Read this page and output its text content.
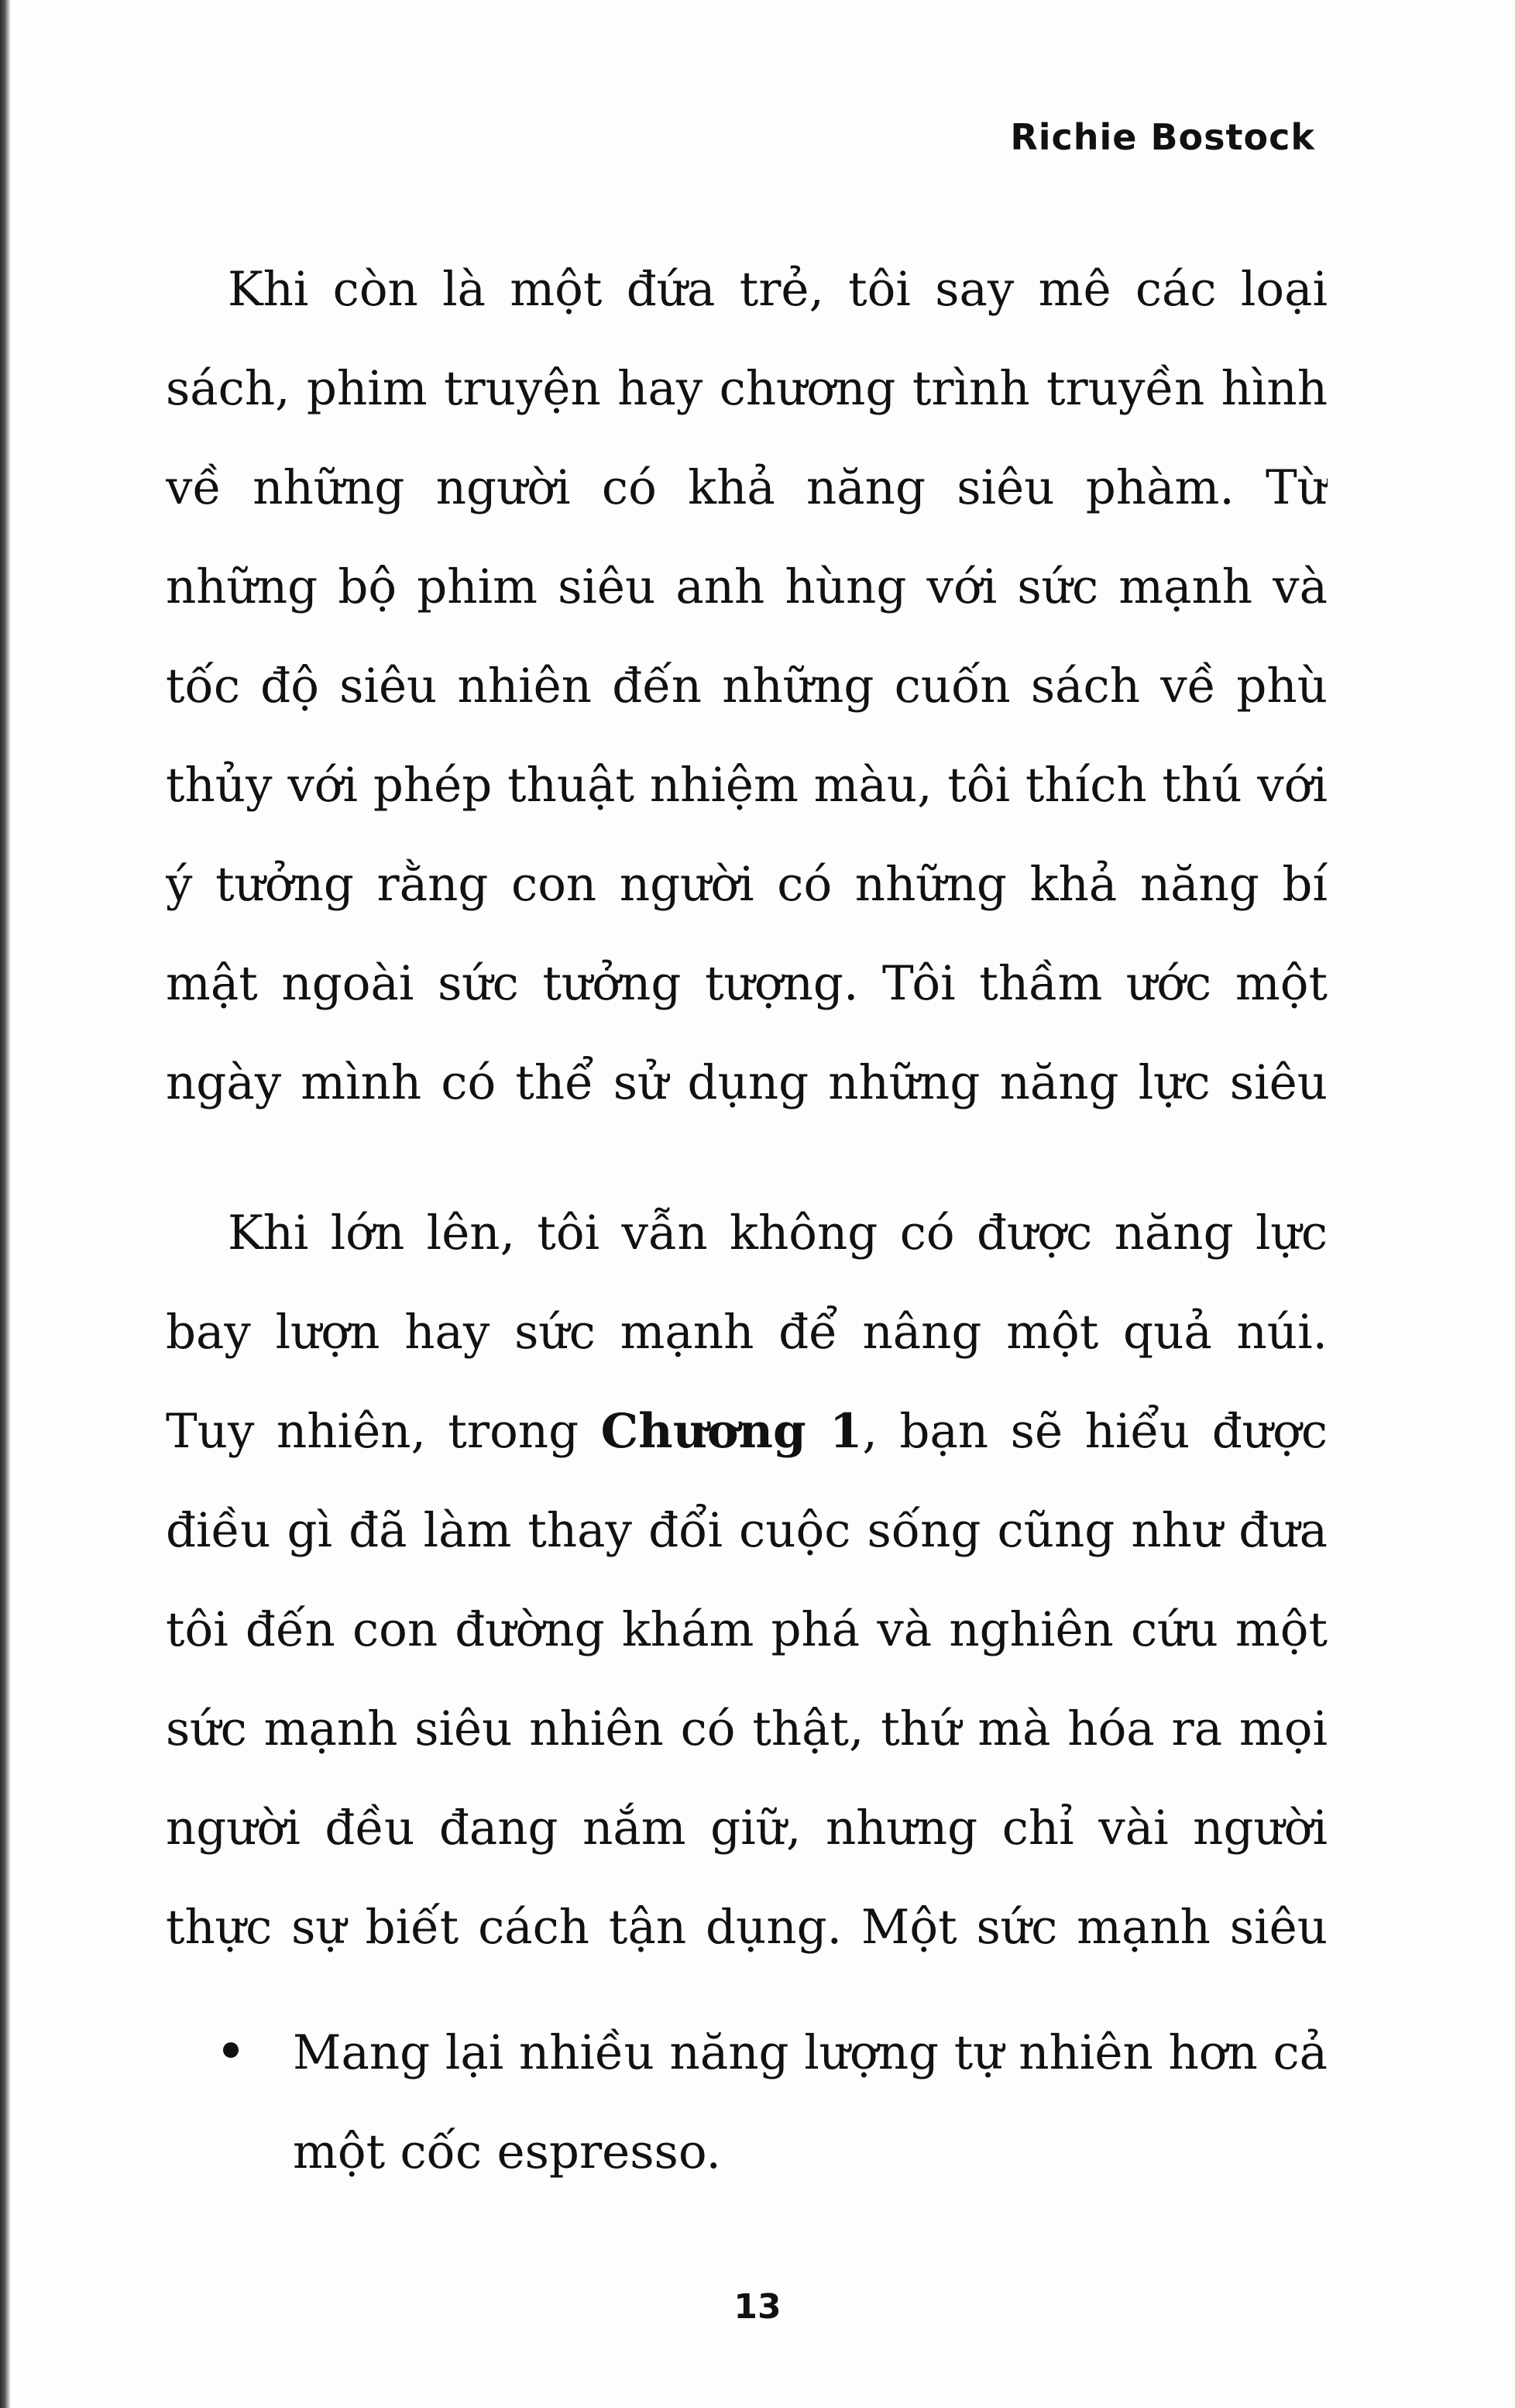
Richie Bostock

Khi còn là một đứa trẻ, tôi say mê các loại sách, phim truyện hay chương trình truyền hình về những người có khả năng siêu phàm. Từ những bộ phim siêu anh hùng với sức mạnh và tốc độ siêu nhiên đến những cuốn sách về phù thủy với phép thuật nhiệm màu, tôi thích thú với ý tưởng rằng con người có những khả năng bí mật ngoài sức tưởng tượng. Tôi thầm ước một ngày mình có thể sử dụng những năng lực siêu

Khi lớn lên, tôi vẫn không có được năng lực bay lượn hay sức mạnh để nâng một quả núi. Tuy nhiên, trong Chương 1, bạn sẽ hiểu được điều gì đã làm thay đổi cuộc sống cũng như đưa tôi đến con đường khám phá và nghiên cứu một sức mạnh siêu nhiên có thật, thứ mà hóa ra mọi người đều đang nắm giữ, nhưng chỉ vài người thực sự biết cách tận dụng. Một sức mạnh siêu

Mang lại nhiều năng lượng tự nhiên hơn cả một cốc espresso.
13
